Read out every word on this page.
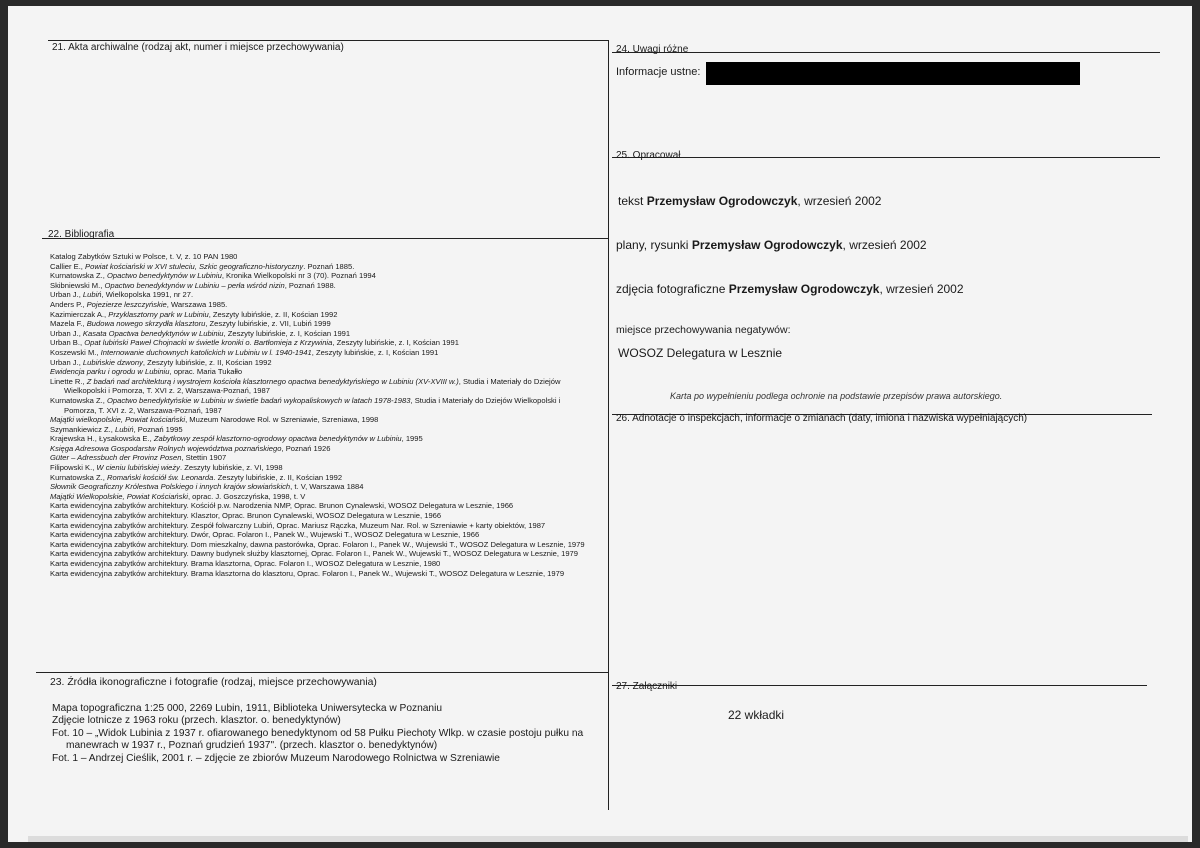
21. Akta archiwalne (rodzaj akt, numer i miejsce przechowywania)
22. Bibliografia
Katalog Zabytków Sztuki w Polsce, t. V, z. 10 PAN 1980
Callier E., Powiat kościański w XVI stuleciu, Szkic geograficzno-historyczny. Poznań 1885.
Kurnatowska Z., Opactwo benedyktynów w Lubiniu, Kronika Wielkopolski nr 3 (70). Poznań 1994
Skibniewski M., Opactwo benedyktynów w Lubiniu – perła wśród nizin, Poznań 1988.
Urban J., Lubiń, Wielkopolska 1991, nr 27.
Anders P., Pojezierze leszczyńskie, Warszawa 1985.
Kazimierczak A., Przyklasztorny park w Lubiniu, Zeszyty lubińskie, z. II, Kościan 1992
Mazela F., Budowa nowego skrzydła klasztoru, Zeszyty lubińskie, z. VII, Lubiń 1999
Urban J., Kasata Opactwa benedyktynów w Lubiniu, Zeszyty lubińskie, z. I, Kościan 1991
Urban B., Opat lubiński Paweł Chojnacki w świetle kroniki o. Bartłomieja z Krzywinia, Zeszyty lubińskie, z. I, Kościan 1991
Koszewski M., Internowanie duchownych katolickich w Lubiniu w l. 1940-1941, Zeszyty lubińskie, z. I, Kościan 1991
Urban J., Lubińskie dzwony, Zeszyty lubińskie, z. II, Kościan 1992
Ewidencja parku i ogrodu w Lubiniu, oprac. Maria Tukałło
Linette R., Z badań nad architekturą i wystrojem kościoła klasztornego opactwa benedyktyńskiego w Lubiniu (XV-XVIII w.), Studia i Materiały do Dziejów Wielkopolski i Pomorza, T. XVI z. 2, Warszawa-Poznań, 1987
Kurnatowska Z., Opactwo benedyktyńskie w Lubiniu w świetle badań wykopaliskowych w latach 1978-1983, Studia i Materiały do Dziejów Wielkopolski i Pomorza, T. XVI z. 2, Warszawa-Poznań, 1987
Majątki wielkopolskie, Powiat kościański, Muzeum Narodowe Rol. w Szreniawie, Szreniawa, 1998
Szymankiewicz Z., Lubiń, Poznań 1995
Krajewska H., Łysakowska E., Zabytkowy zespół klasztorno-ogrodowy opactwa benedyktynów w Lubiniu, 1995
Księga Adresowa Gospodarstw Rolnych województwa poznańskiego, Poznań 1926
Güter – Adressbuch der Provinz Posen, Stettin 1907
Filipowski K., W cieniu lubińskiej wieży. Zeszyty lubińskie, z. VI, 1998
Kurnatowska Z., Romański kościół św. Leonarda. Zeszyty lubińskie, z. II, Kościan 1992
Słownik Geograficzny Królestwa Polskiego i innych krajów słowiańskich, t. V, Warszawa 1884
Majątki Wielkopolskie, Powiat Kościański, oprac. J. Goszczyńska, 1998, t. V
Karta ewidencyjna zabytków architektury. Kościół p.w. Narodzenia NMP, Oprac. Brunon Cynalewski, WOSOZ Delegatura w Lesznie, 1966
Karta ewidencyjna zabytków architektury. Klasztor, Oprac. Brunon Cynalewski, WOSOZ Delegatura w Lesznie, 1966
Karta ewidencyjna zabytków architektury. Zespół folwarczny Lubiń, Oprac. Mariusz Rączka, Muzeum Nar. Rol. w Szreniawie + karty obiektów, 1987
Karta ewidencyjna zabytków architektury. Dwór, Oprac. Folaron I., Panek W., Wujewski T., WOSOZ Delegatura w Lesznie, 1966
Karta ewidencyjna zabytków architektury. Dom mieszkalny, dawna pastorówka, Oprac. Folaron I., Panek W., Wujewski T., WOSOZ Delegatura w Lesznie, 1979
Karta ewidencyjna zabytków architektury. Dawny budynek służby klasztornej, Oprac. Folaron I., Panek W., Wujewski T., WOSOZ Delegatura w Lesznie, 1979
Karta ewidencyjna zabytków architektury. Brama klasztorna, Oprac. Folaron I., WOSOZ Delegatura w Lesznie, 1980
Karta ewidencyjna zabytków architektury. Brama klasztorna do klasztoru, Oprac. Folaron I., Panek W., Wujewski T., WOSOZ Delegatura w Lesznie, 1979
23. Źródła ikonograficzne i fotografie (rodzaj, miejsce przechowywania)
Mapa topograficzna 1:25 000, 2269 Lubin, 1911, Biblioteka Uniwersytecka w Poznaniu
Zdjęcie lotnicze z 1963 roku (przech. klasztor. o. benedyktynów)
Fot. 10 – „Widok Lubinia z 1937 r. ofiarowanego benedyktynom od 58 Pułku Piechoty Wlkp. w czasie postoju pułku na manewrach w 1937 r., Poznań grudzień 1937". (przech. klasztor o. benedyktynów)
Fot. 1 – Andrzej Cieślik, 2001 r. – zdjęcie ze zbiorów Muzeum Narodowego Rolnictwa w Szreniawie
24. Uwagi różne
Informacje ustne:
25. Opracował
tekst Przemysław Ogrodowczyk, wrzesień 2002
plany, rysunki Przemysław Ogrodowczyk, wrzesień 2002
zdjęcia fotograficzne Przemysław Ogrodowczyk, wrzesień 2002
miejsce przechowywania negatywów:
WOSOZ Delegatura w Lesznie
Karta po wypełnieniu podlega ochronie na podstawie przepisów prawa autorskiego.
26. Adnotacje o inspekcjach, informacje o zmianach (daty, imiona i nazwiska wypełniających)
27. Załączniki
22 wkładki
